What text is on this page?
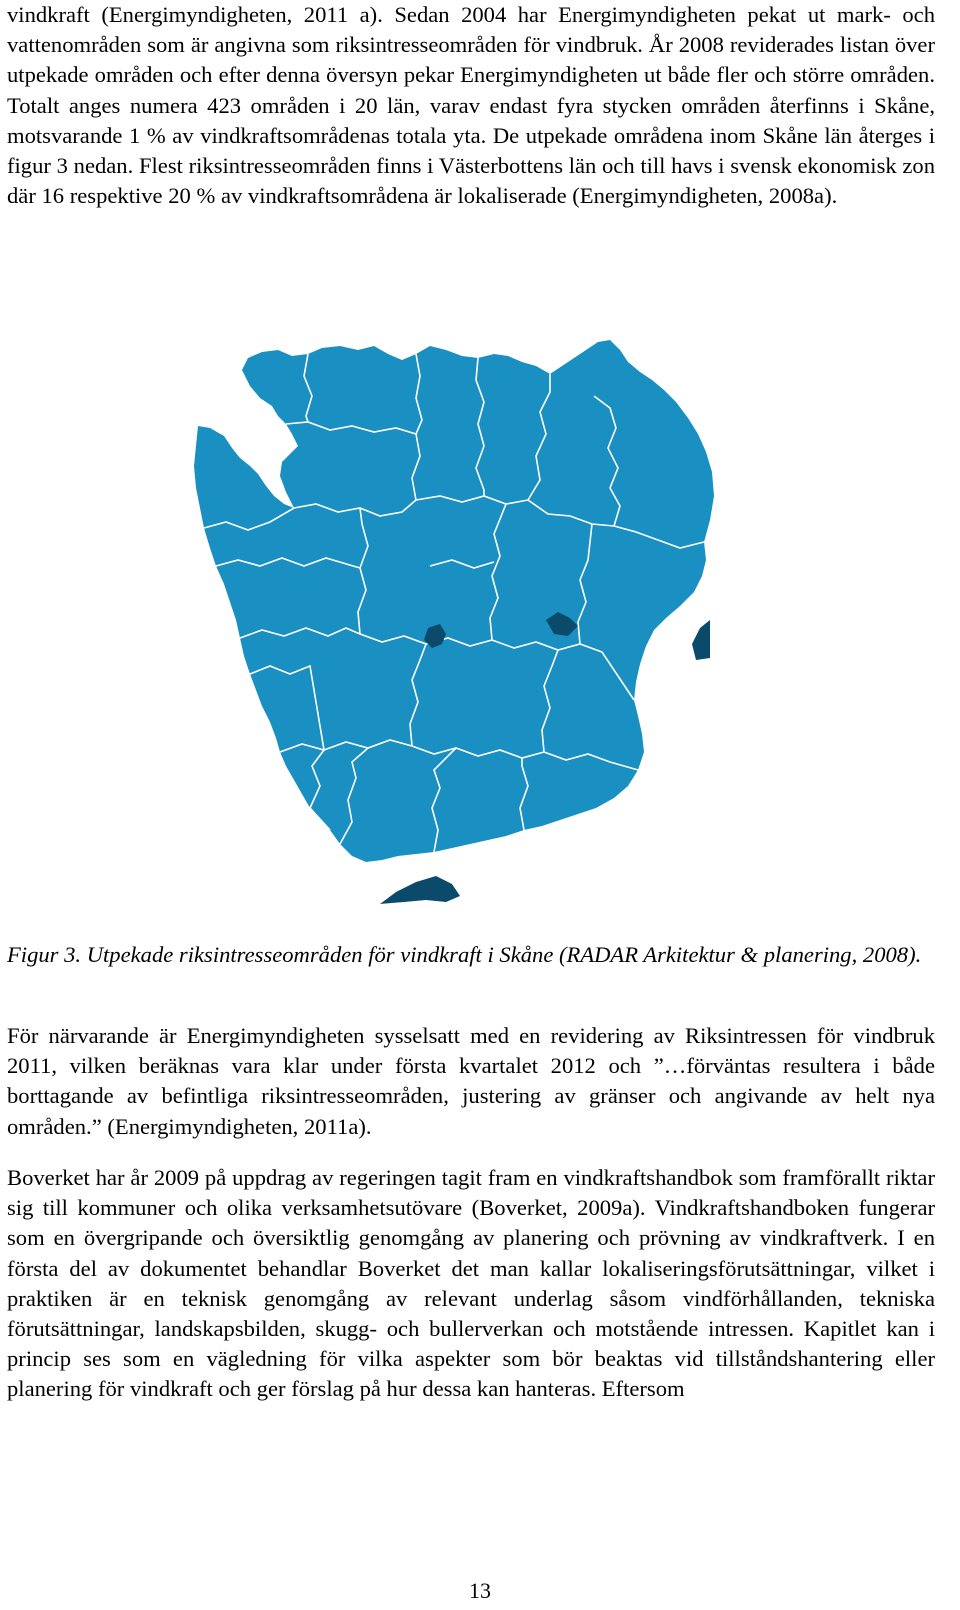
vindkraft (Energimyndigheten, 2011 a). Sedan 2004 har Energimyndigheten pekat ut mark- och vattenområden som är angivna som riksintresseområden för vindbruk. År 2008 reviderades listan över utpekade områden och efter denna översyn pekar Energimyndigheten ut både fler och större områden. Totalt anges numera 423 områden i 20 län, varav endast fyra stycken områden återfinns i Skåne, motsvarande 1 % av vindkraftsområdenas totala yta. De utpekade områdena inom Skåne län återges i figur 3 nedan. Flest riksintresseområden finns i Västerbottens län och till havs i svensk ekonomisk zon där 16 respektive 20 % av vindkraftsområdena är lokaliserade (Energimyndigheten, 2008a).

Figur 3. Utpekade riksintresseområden för vindkraft i Skåne (RADAR Arkitektur & planering, 2008).

För närvarande är Energimyndigheten sysselsatt med en revidering av Riksintressen för vindbruk 2011, vilken beräknas vara klar under första kvartalet 2012 och ”…förväntas resultera i både borttagande av befintliga riksintresseområden, justering av gränser och angivande av helt nya områden.” (Energimyndigheten, 2011a).

Boverket har år 2009 på uppdrag av regeringen tagit fram en vindkraftshandbok som framförallt riktar sig till kommuner och olika verksamhetsutövare (Boverket, 2009a). Vindkraftshandboken fungerar som en övergripande och översiktlig genomgång av planering och prövning av vindkraftverk. I en första del av dokumentet behandlar Boverket det man kallar lokaliseringsförutsättningar, vilket i praktiken är en teknisk genomgång av relevant underlag såsom vindförhållanden, tekniska förutsättningar, landskapsbilden, skugg- och bullerverkan och motstående intressen. Kapitlet kan i princip ses som en vägledning för vilka aspekter som bör beaktas vid tillståndshantering eller planering för vindkraft och ger förslag på hur dessa kan hanteras. Eftersom

13
